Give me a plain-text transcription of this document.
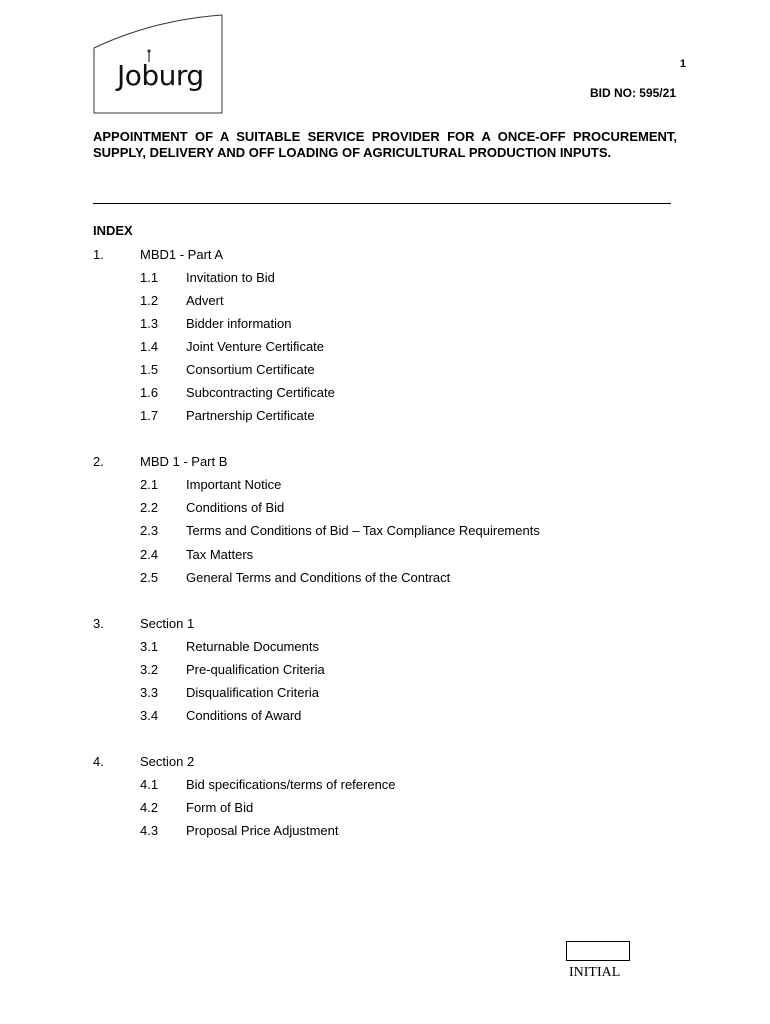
Joburg	1
BID NO: 595/21
APPOINTMENT OF A SUITABLE SERVICE PROVIDER FOR A ONCE-OFF PROCUREMENT, SUPPLY, DELIVERY AND OFF LOADING OF AGRICULTURAL PRODUCTION INPUTS.
INDEX
1.	MBD1 - Part A
1.1 Invitation to Bid
1.2 Advert
1.3 Bidder information
1.4 Joint Venture Certificate
1.5 Consortium Certificate
1.6 Subcontracting Certificate
1.7 Partnership Certificate
2.	MBD 1 - Part B
2.1 Important Notice
2.2 Conditions of Bid
2.3 Terms and Conditions of Bid – Tax Compliance Requirements
2.4 Tax Matters
2.5 General Terms and Conditions of the Contract
3.	Section 1
3.1 Returnable Documents
3.2 Pre-qualification Criteria
3.3 Disqualification Criteria
3.4 Conditions of Award
4.	Section 2
4.1 Bid specifications/terms of reference
4.2 Form of Bid
4.3 Proposal Price Adjustment
INITIAL
